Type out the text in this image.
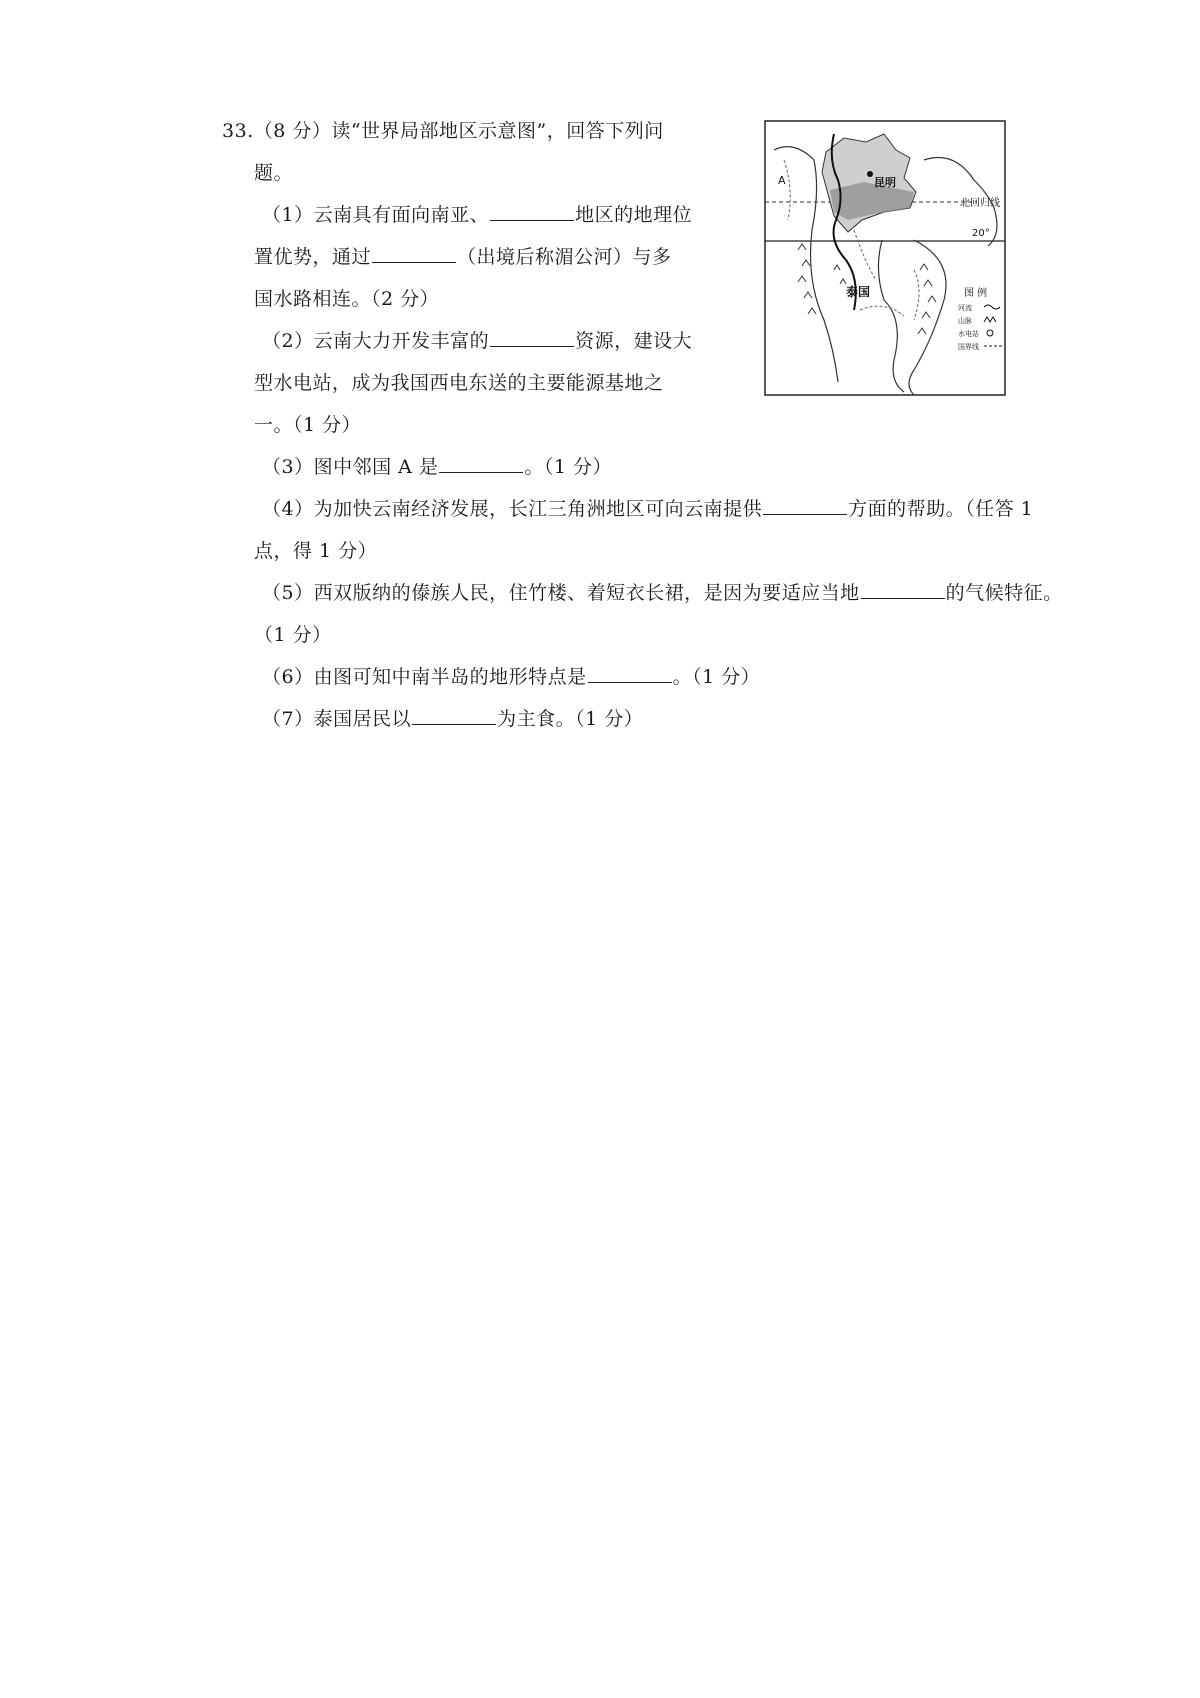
33.（8 分）读“世界局部地区示意图”，回答下列问
题。
（1）云南具有面向南亚、	地区的地理位
置优势，通过	（出境后称湄公河）与多
国水路相连。（2 分）
（2）云南大力开发丰富的	资源，建设大
型水电站，成为我国西电东送的主要能源基地之
一。（1 分）
（3）图中邻国 A 是	。（1 分）
（4）为加快云南经济发展，长江三角洲地区可向云南提供	方面的帮助。（任答 1
点，得 1 分）
（5）西双版纳的傣族人民，住竹楼、着短衣长裙，是因为要适应当地	的气候特征。
（1 分）
（6）由图可知中南半岛的地形特点是	。（1 分）
（7）泰国居民以	为主食。（1 分）
A	昆明
泰国
北回归线
20°
图 例
河流
山脉
水电站
国界线
